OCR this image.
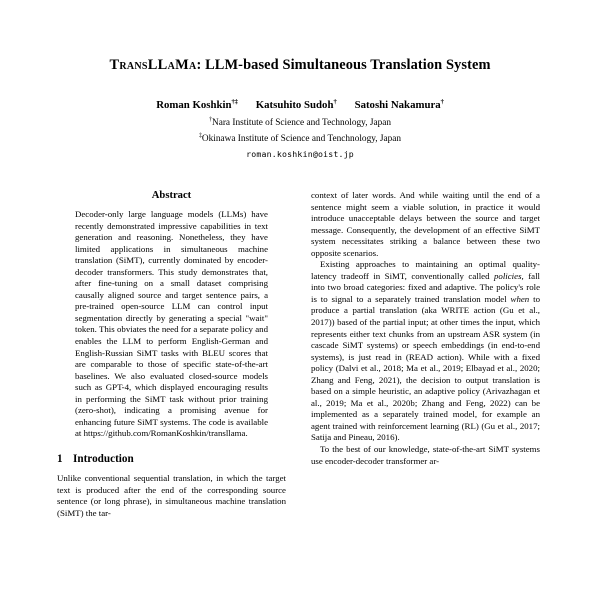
TransLLaMa: LLM-based Simultaneous Translation System
Roman Koshkin†‡ Katsuhito Sudoh† Satoshi Nakamura†
†Nara Institute of Science and Technology, Japan
‡Okinawa Institute of Science and Tenchnology, Japan
roman.koshkin@oist.jp
Abstract

Decoder-only large language models (LLMs) have recently demonstrated impressive capabilities in text generation and reasoning. Nonetheless, they have limited applications in simultaneous machine translation (SiMT), currently dominated by encoder-decoder transformers. This study demonstrates that, after fine-tuning on a small dataset comprising causally aligned source and target sentence pairs, a pre-trained open-source LLM can control input segmentation directly by generating a special "wait" token. This obviates the need for a separate policy and enables the LLM to perform English-German and English-Russian SiMT tasks with BLEU scores that are comparable to those of specific state-of-the-art baselines. We also evaluated closed-source models such as GPT-4, which displayed encouraging results in performing the SiMT task without prior training (zero-shot), indicating a promising avenue for enhancing future SiMT systems. The code is available at https://github.com/RomanKoshkin/transllama.

1 Introduction

Unlike conventional sequential translation, in which the target text is produced after the end of the corresponding source sentence (or long phrase), in simultaneous machine translation (SiMT) the tar-

context of later words. And while waiting until the end of a sentence might seem a viable solution, in practice it would introduce unacceptable delays between the source and target message. Consequently, the development of an effective SiMT system necessitates striking a balance between these two opposite scenarios.

Existing approaches to maintaining an optimal quality-latency tradeoff in SiMT, conventionally called policies, fall into two broad categories: fixed and adaptive. The policy's role is to signal to a separately trained translation model when to produce a partial translation (aka WRITE action (Gu et al., 2017)) based of the partial input; at other times the input, which represents either text chunks from an upstream ASR system (in cascade SiMT systems) or speech embeddings (in end-to-end systems), is just read in (READ action). While with a fixed policy (Dalvi et al., 2018; Ma et al., 2019; Elbayad et al., 2020; Zhang and Feng, 2021), the decision to output translation is based on a simple heuristic, an adaptive policy (Arivazhagan et al., 2019; Ma et al., 2020b; Zhang and Feng, 2022) can be implemented as a separately trained model, for example an agent trained with reinforcement learning (RL) (Gu et al., 2017; Satija and Pineau, 2016).

To the best of our knowledge, state-of-the-art SiMT systems use encoder-decoder transformer ar-
